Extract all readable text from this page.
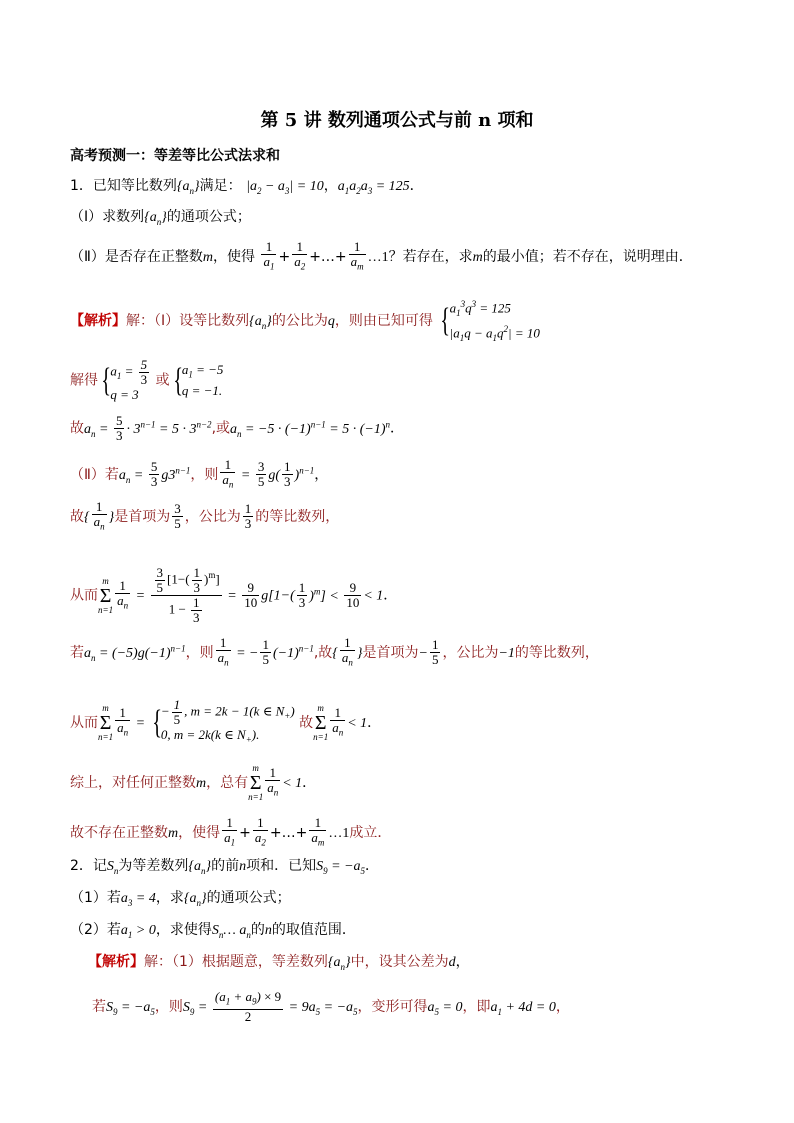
第 5 讲 数列通项公式与前 n 项和
高考预测一：等差等比公式法求和
1．已知等比数列$\{a_n\}$满足： $|a_2 - a_3| = 10$，$a_1a_2a_3 = 125$．
（Ⅰ）求数列$\{a_n\}$的通项公式；
（Ⅱ）是否存在正整数m，使得 $\frac{1}{a_1} + \frac{1}{a_2}$ +…+ $\frac{1}{a_m}$ …1？若存在，求m的最小值；若不存在，说明理由．
【解析】解：（Ⅰ）设等比数列$\{a_n\}$的公比为q，则由已知可得 { $a_1^3q^3 = 125$
$|a_1q - a_1q^2| = 10$
解得{ $a_1 = \frac{5}{3}$
q = 3
或{ $a_1 = -5$
q = −1.
故$a_n = \frac{5}{3} \cdot 3^{n-1} = 5 \cdot 3^{n-2}$,或$a_n = -5 \cdot (-1)^{n-1} = 5 \cdot (-1)^n$．
（Ⅱ）若$a_n = \frac{5}{3} g3^{n-1}$，则 $\frac{1}{a_n} = \frac{3}{5} g( \frac{1}{3} )^{n-1}$，
故{ $\frac{1}{a_n}$ }是首项为 $\frac{3}{5}$ ，公比为 $\frac{1}{3}$ 的等比数列，
从而m
Σ
$n=1 \frac{1}{a_n} = \frac{\frac{3}{5} [1-( \frac{1}{3} )^m]}{1 - \frac{1}{3}} = \frac{9}{10} g[1-( \frac{1}{3} )^m] < \frac{9}{10} < 1$．
若$a_n = (-5)g(-1)^{n-1}$，则 $\frac{1}{a_n}$ = − $\frac{1}{5} (-1)^{n-1}$,故{ $\frac{1}{a_n}$ }是首项为− $\frac{1}{5}$ ，公比为−1的等比数列，
从而m
Σ
$n=1 \frac{1}{a_n}$ = { − $\frac{1}{5}$ , m = 2k − 1(k ∈ $N_+$)
0, m = 2k(k ∈ $N_+$).
故m
Σ
$n=1 \frac{1}{a_n} < 1$．
综上，对任何正整数m，总有m
Σ
$n=1 \frac{1}{a_n} < 1$．
故不存在正整数m，使得 $\frac{1}{a_1} + \frac{1}{a_2}$ +…+ $\frac{1}{a_m}$ …1成立．
2．记$S_n$为等差数列$\{a_n\}$的前n项和．已知$S_9 = -a_5$．
（1）若$a_3 = 4$，求$\{a_n\}$的通项公式；
（2）若$a_1 > 0$，求使得$S_n\dots$ $a_n$的n的取值范围．
【解析】解：（1）根据题意，等差数列$\{a_n\}$中，设其公差为d，
若$S_9 = -a_5$，则$S_9 = \frac{(a_1 + a_9) \times 9}{2} = 9a_5 = -a_5$，变形可得$a_5 = 0$，即$a_1 + 4d = 0$，
